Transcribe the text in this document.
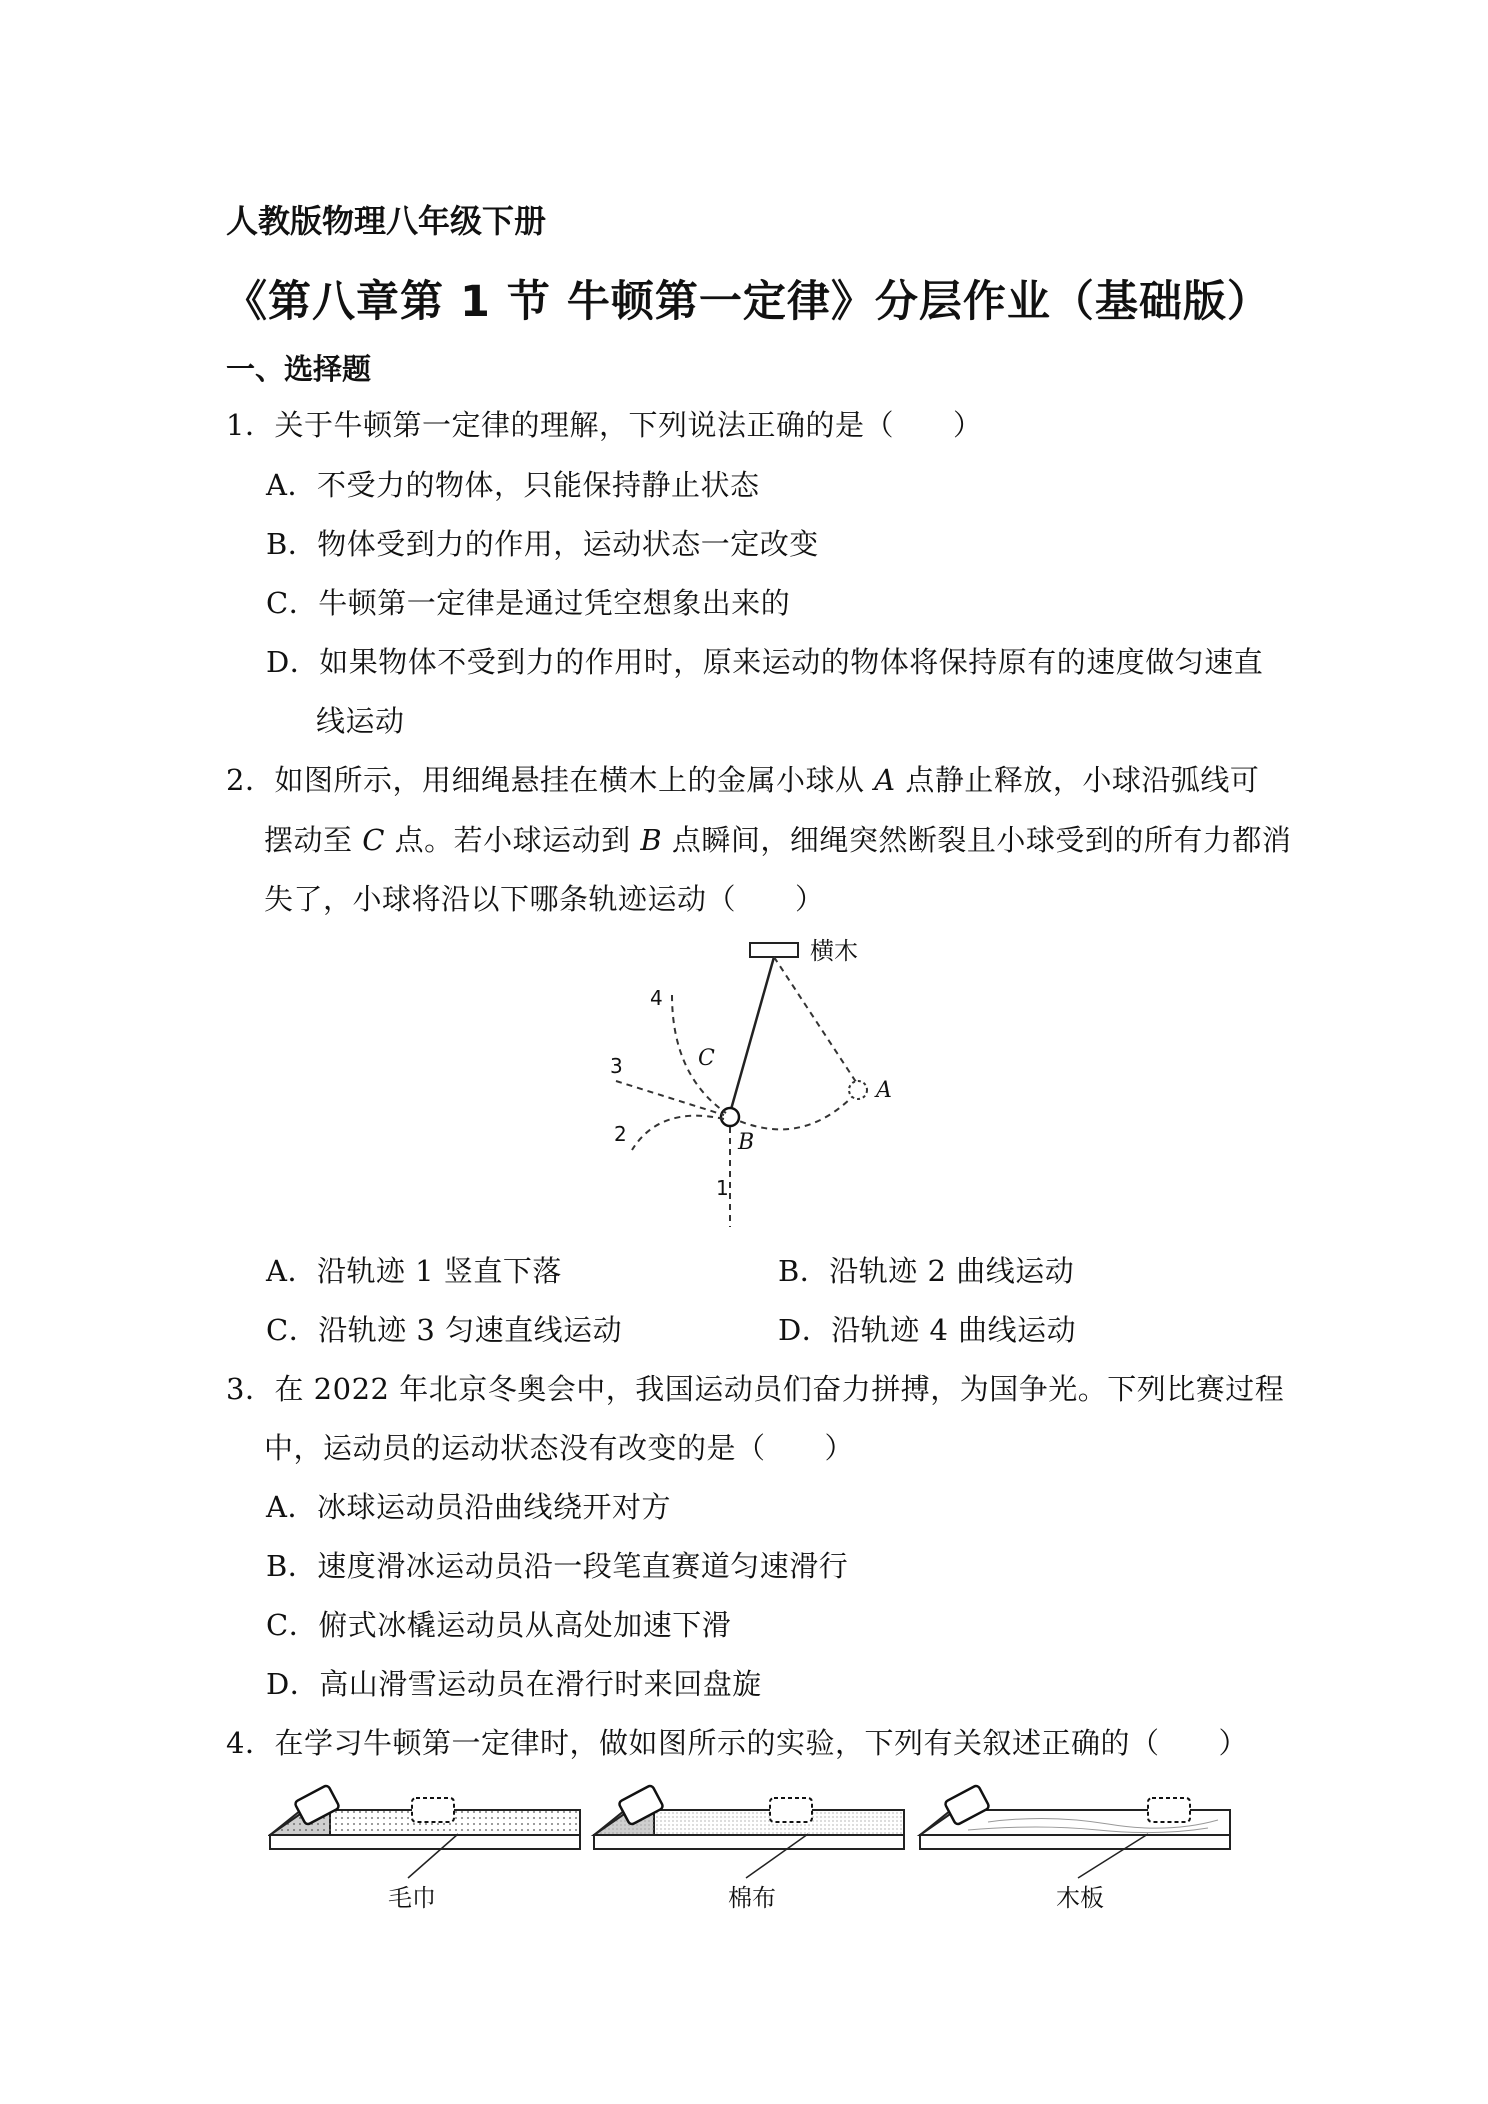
人教版物理八年级下册
《第八章第 1 节 牛顿第一定律》分层作业（基础版）
一、选择题
1．关于牛顿第一定律的理解，下列说法正确的是（　　）
A．不受力的物体，只能保持静止状态
B．物体受到力的作用，运动状态一定改变
C．牛顿第一定律是通过凭空想象出来的
D．如果物体不受到力的作用时，原来运动的物体将保持原有的速度做匀速直
线运动
2．如图所示，用细绳悬挂在横木上的金属小球从 A 点静止释放，小球沿弧线可
摆动至 C 点。若小球运动到 B 点瞬间，细绳突然断裂且小球受到的所有力都消
失了，小球将沿以下哪条轨迹运动（　　）
横木
A
B
C
4
3
2
1
A．沿轨迹 1 竖直下落	B．沿轨迹 2 曲线运动
C．沿轨迹 3 匀速直线运动	D．沿轨迹 4 曲线运动
3．在 2022 年北京冬奥会中，我国运动员们奋力拼搏，为国争光。下列比赛过程
中，运动员的运动状态没有改变的是（　　）
A．冰球运动员沿曲线绕开对方
B．速度滑冰运动员沿一段笔直赛道匀速滑行
C．俯式冰橇运动员从高处加速下滑
D．高山滑雪运动员在滑行时来回盘旋
4．在学习牛顿第一定律时，做如图所示的实验，下列有关叙述正确的（　　）
毛巾	棉布	木板
